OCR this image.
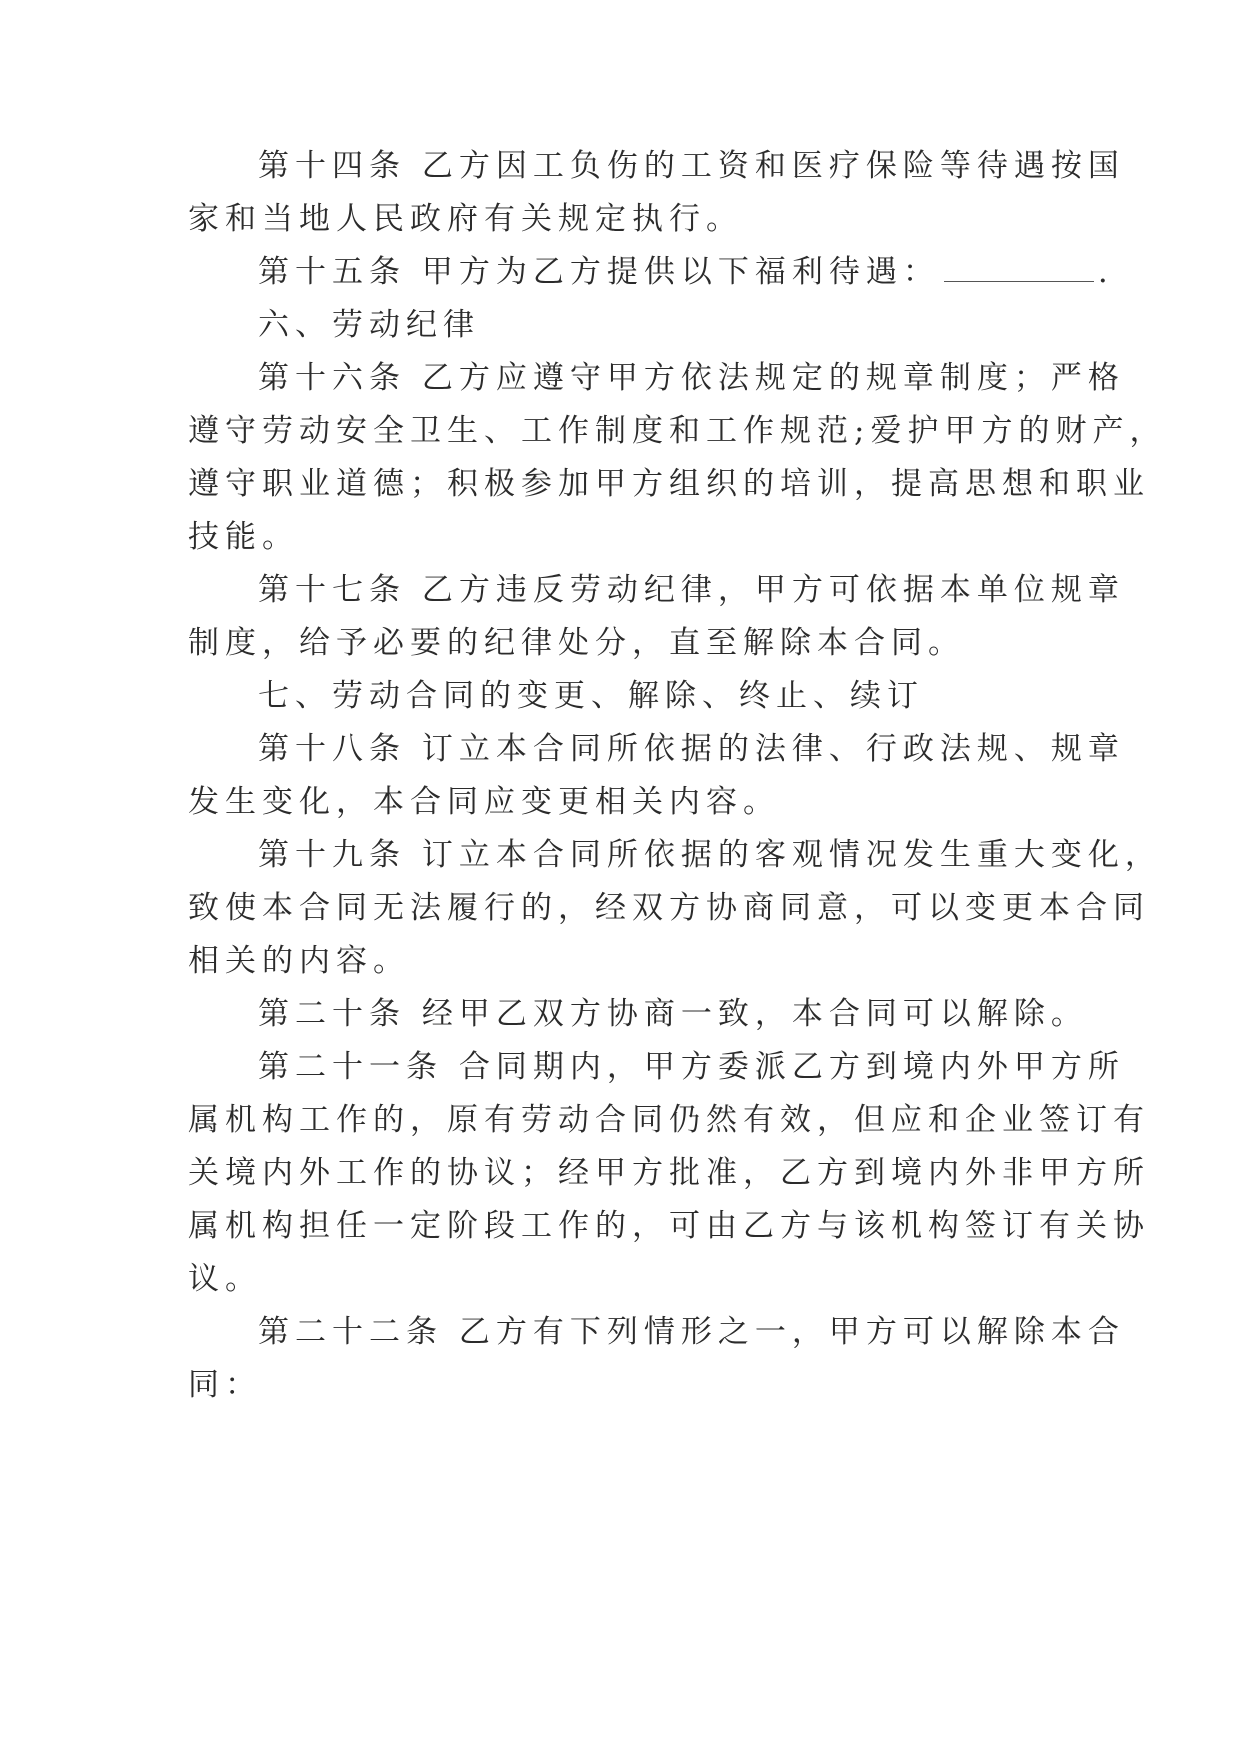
第十四条 乙方因工负伤的工资和医疗保险等待遇按国
家和当地人民政府有关规定执行。
第十五条 甲方为乙方提供以下福利待遇：	.
六、劳动纪律
第十六条 乙方应遵守甲方依法规定的规章制度；严格
遵守劳动安全卫生、工作制度和工作规范;爱护甲方的财产，
遵守职业道德；积极参加甲方组织的培训，提高思想和职业
技能。
第十七条 乙方违反劳动纪律，甲方可依据本单位规章
制度，给予必要的纪律处分，直至解除本合同。
七、劳动合同的变更、解除、终止、续订
第十八条 订立本合同所依据的法律、行政法规、规章
发生变化，本合同应变更相关内容。
第十九条 订立本合同所依据的客观情况发生重大变化，
致使本合同无法履行的，经双方协商同意，可以变更本合同
相关的内容。
第二十条 经甲乙双方协商一致，本合同可以解除。
第二十一条 合同期内，甲方委派乙方到境内外甲方所
属机构工作的，原有劳动合同仍然有效，但应和企业签订有
关境内外工作的协议；经甲方批准，乙方到境内外非甲方所
属机构担任一定阶段工作的，可由乙方与该机构签订有关协
议。
第二十二条 乙方有下列情形之一，甲方可以解除本合
同：
